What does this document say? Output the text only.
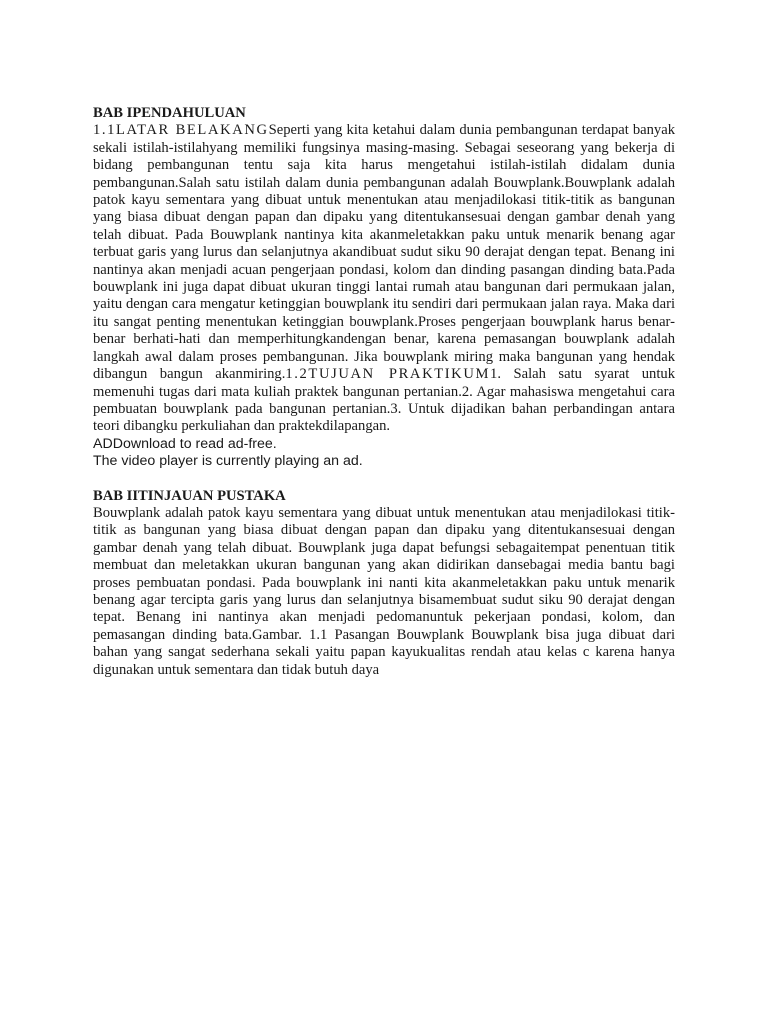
BAB IPENDAHULUAN

1.1LATAR BELAKANGSeperti yang kita ketahui dalam dunia pembangunan terdapat banyak sekali istilah-istilahyang memiliki fungsinya masing-masing. Sebagai seseorang yang bekerja di bidang pembangunan tentu saja kita harus mengetahui istilah-istilah didalam dunia pembangunan.Salah satu istilah dalam dunia pembangunan adalah Bouwplank.Bouwplank adalah patok kayu sementara yang dibuat untuk menentukan atau menjadilokasi titik-titik as bangunan yang biasa dibuat dengan papan dan dipaku yang ditentukansesuai dengan gambar denah yang telah dibuat. Pada Bouwplank nantinya kita akanmeletakkan paku untuk menarik benang agar terbuat garis yang lurus dan selanjutnya akandibuat sudut siku 90 derajat dengan tepat. Benang ini nantinya akan menjadi acuan pengerjaan pondasi, kolom dan dinding pasangan dinding bata.Pada bouwplank ini juga dapat dibuat ukuran tinggi lantai rumah atau bangunan dari permukaan jalan, yaitu dengan cara mengatur ketinggian bouwplank itu sendiri dari permukaan jalan raya. Maka dari itu sangat penting menentukan ketinggian bouwplank.Proses pengerjaan bouwplank harus benar-benar berhati-hati dan memperhitungkandengan benar, karena pemasangan bouwplank adalah langkah awal dalam proses pembangunan. Jika bouwplank miring maka bangunan yang hendak dibangun bangun akanmiring.1.2TUJUAN PRAKTIKUM1. Salah satu syarat untuk memenuhi tugas dari mata kuliah praktek bangunan pertanian.2. Agar mahasiswa mengetahui cara pembuatan bouwplank pada bangunan pertanian.3. Untuk dijadikan bahan perbandingan antara teori dibangku perkuliahan dan praktekdilapangan.

ADDownload to read ad-free.

The video player is currently playing an ad.

BAB IITINJAUAN PUSTAKA

Bouwplank adalah patok kayu sementara yang dibuat untuk menentukan atau menjadilokasi titik-titik as bangunan yang biasa dibuat dengan papan dan dipaku yang ditentukansesuai dengan gambar denah yang telah dibuat. Bouwplank juga dapat befungsi sebagaitempat penentuan titik membuat dan meletakkan ukuran bangunan yang akan didirikan dansebagai media bantu bagi proses pembuatan pondasi. Pada bouwplank ini nanti kita akanmeletakkan paku untuk menarik benang agar tercipta garis yang lurus dan selanjutnya bisamembuat sudut siku 90 derajat dengan tepat. Benang ini nantinya akan menjadi pedomanuntuk pekerjaan pondasi, kolom, dan pemasangan dinding bata.Gambar. 1.1 Pasangan Bouwplank Bouwplank bisa juga dibuat dari bahan yang sangat sederhana sekali yaitu papan kayukualitas rendah atau kelas c karena hanya digunakan untuk sementara dan tidak butuh daya
